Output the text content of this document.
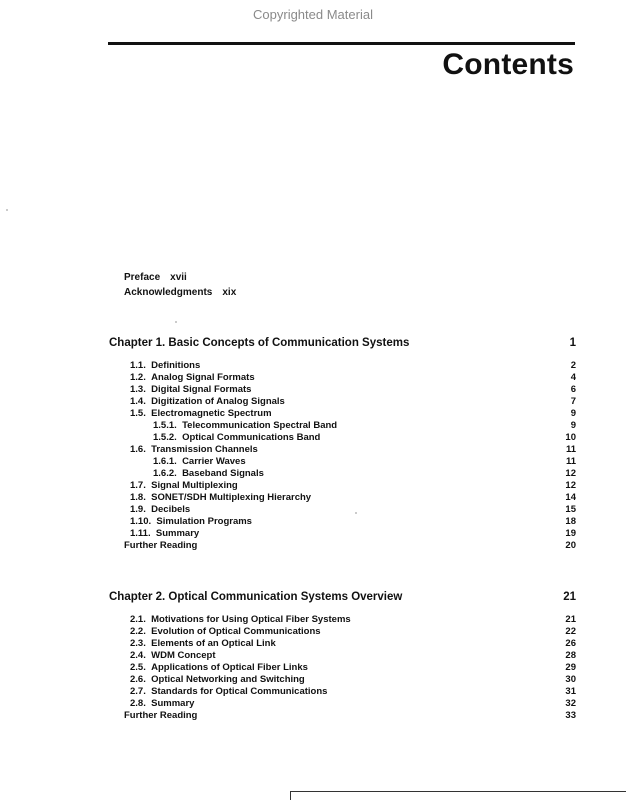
Copyrighted Material
Contents
Preface xvii
Acknowledgments xix
Chapter 1. Basic Concepts of Communication Systems	1
1.1. Definitions	2
1.2. Analog Signal Formats	4
1.3. Digital Signal Formats	6
1.4. Digitization of Analog Signals	7
1.5. Electromagnetic Spectrum	9
1.5.1. Telecommunication Spectral Band	9
1.5.2. Optical Communications Band	10
1.6. Transmission Channels	11
1.6.1. Carrier Waves	11
1.6.2. Baseband Signals	12
1.7. Signal Multiplexing	12
1.8. SONET/SDH Multiplexing Hierarchy	14
1.9. Decibels	15
1.10. Simulation Programs	18
1.11. Summary	19
Further Reading	20
Chapter 2. Optical Communication Systems Overview	21
2.1. Motivations for Using Optical Fiber Systems	21
2.2. Evolution of Optical Communications	22
2.3. Elements of an Optical Link	26
2.4. WDM Concept	28
2.5. Applications of Optical Fiber Links	29
2.6. Optical Networking and Switching	30
2.7. Standards for Optical Communications	31
2.8. Summary	32
Further Reading	33
